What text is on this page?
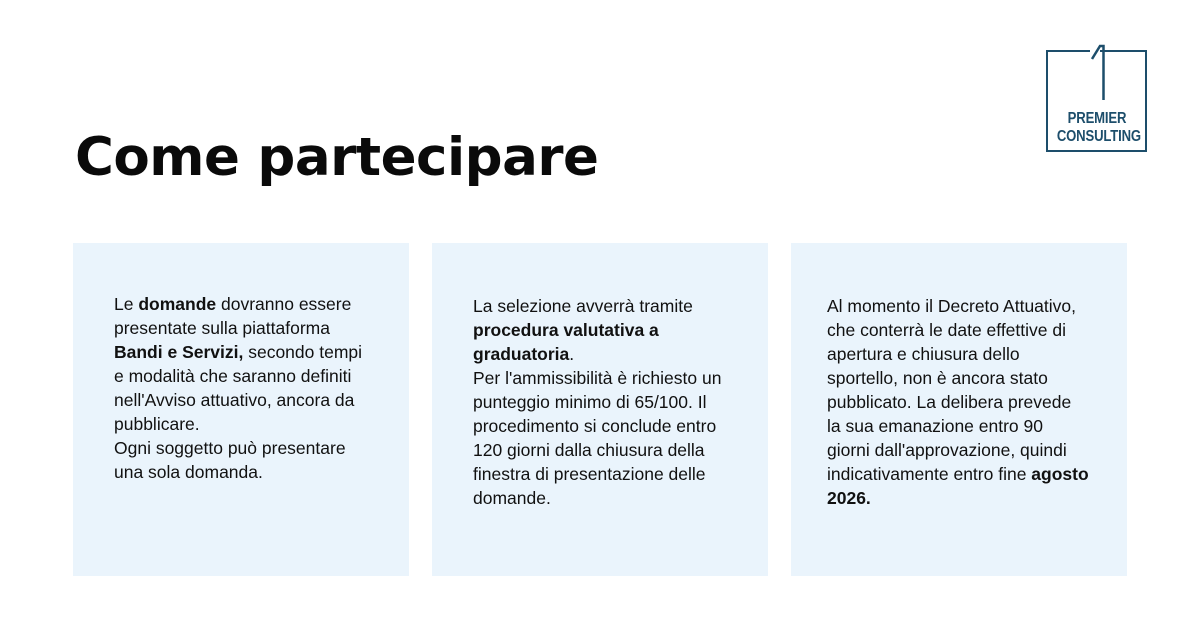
Come partecipare
PREMIER
CONSULTING

Le domande dovranno essere presentate sulla piattaforma Bandi e Servizi, secondo tempi e modalità che saranno definiti nell'Avviso attuativo, ancora da pubblicare.
Ogni soggetto può presentare una sola domanda.

La selezione avverrà tramite procedura valutativa a graduatoria.
Per l'ammissibilità è richiesto un punteggio minimo di 65/100. Il procedimento si conclude entro 120 giorni dalla chiusura della finestra di presentazione delle domande.

Al momento il Decreto Attuativo, che conterrà le date effettive di apertura e chiusura dello sportello, non è ancora stato pubblicato. La delibera prevede la sua emanazione entro 90 giorni dall'approvazione, quindi indicativamente entro fine agosto 2026.
